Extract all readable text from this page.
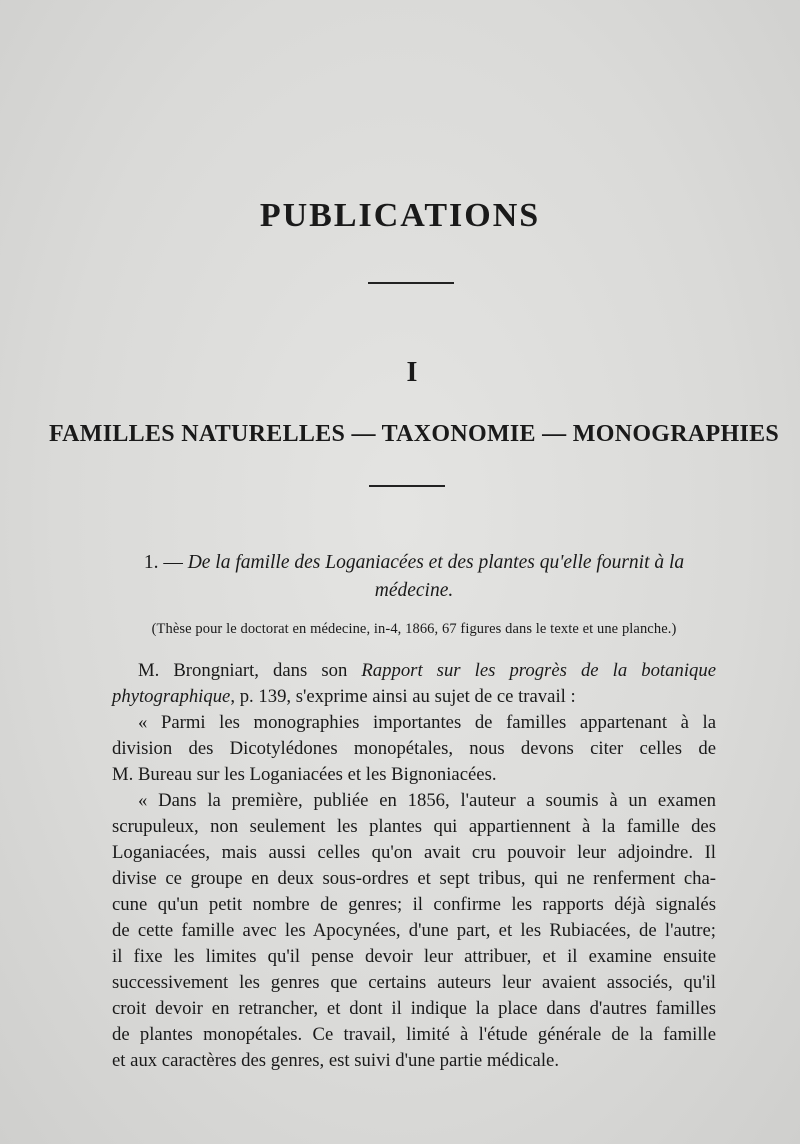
PUBLICATIONS
I
FAMILLES NATURELLES — TAXONOMIE — MONOGRAPHIES
1. — De la famille des Loganiacées et des plantes qu'elle fournit à la médecine.
(Thèse pour le doctorat en médecine, in-4, 1866, 67 figures dans le texte et une planche.)

M. Brongniart, dans son Rapport sur les progrès de la botanique
phytographique, p. 139, s'exprime ainsi au sujet de ce travail :

« Parmi les monographies importantes de familles appartenant à la
division des Dicotylédones monopétales, nous devons citer celles de
M. Bureau sur les Loganiacées et les Bignoniacées.

« Dans la première, publiée en 1856, l'auteur a soumis à un examen
scrupuleux, non seulement les plantes qui appartiennent à la famille des
Loganiacées, mais aussi celles qu'on avait cru pouvoir leur adjoindre. Il
divise ce groupe en deux sous-ordres et sept tribus, qui ne renferment cha-
cune qu'un petit nombre de genres; il confirme les rapports déjà signalés
de cette famille avec les Apocynées, d'une part, et les Rubiacées, de l'autre;
il fixe les limites qu'il pense devoir leur attribuer, et il examine ensuite
successivement les genres que certains auteurs leur avaient associés, qu'il
croit devoir en retrancher, et dont il indique la place dans d'autres familles
de plantes monopétales. Ce travail, limité à l'étude générale de la famille
et aux caractères des genres, est suivi d'une partie médicale.
